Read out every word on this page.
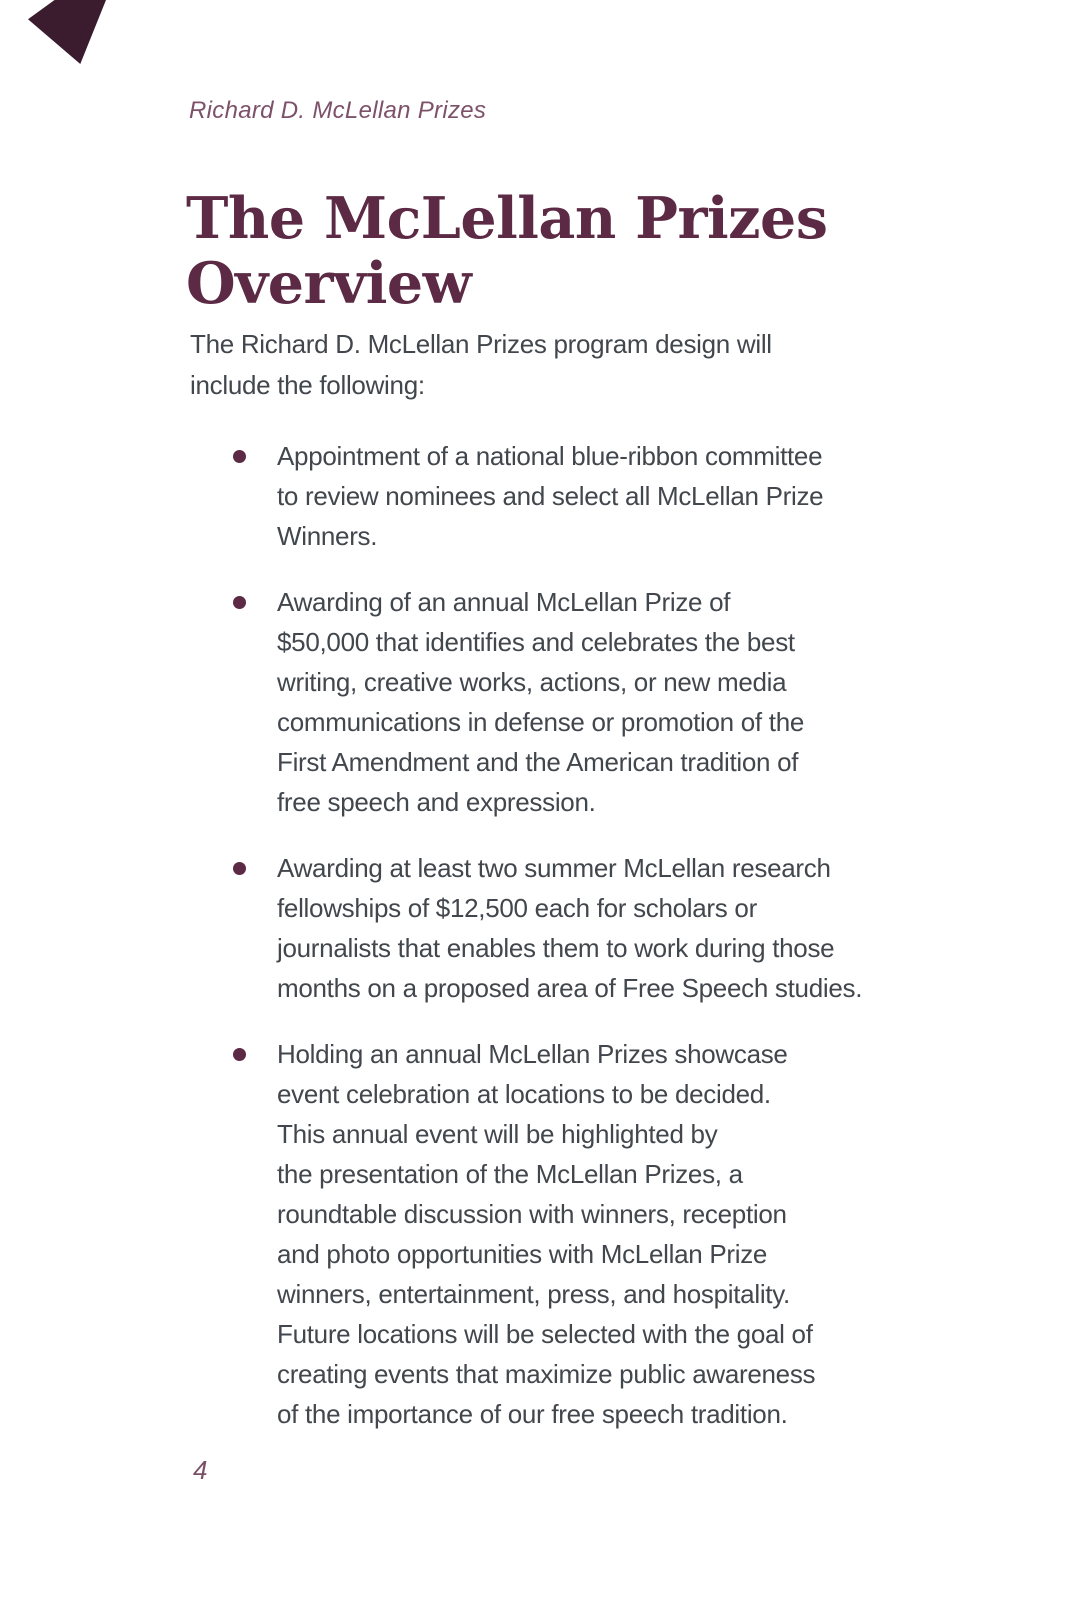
Richard D. McLellan Prizes
The McLellan Prizes
Overview

The Richard D. McLellan Prizes program design will
include the following:

Appointment of a national blue-ribbon committee
to review nominees and select all McLellan Prize
Winners.
Awarding of an annual McLellan Prize of
$50,000 that identifies and celebrates the best
writing, creative works, actions, or new media
communications in defense or promotion of the
First Amendment and the American tradition of
free speech and expression.
Awarding at least two summer McLellan research
fellowships of $12,500 each for scholars or
journalists that enables them to work during those
months on a proposed area of Free Speech studies.
Holding an annual McLellan Prizes showcase
event celebration at locations to be decided.
This annual event will be highlighted by
the presentation of the McLellan Prizes, a
roundtable discussion with winners, reception
and photo opportunities with McLellan Prize
winners, entertainment, press, and hospitality.
Future locations will be selected with the goal of
creating events that maximize public awareness
of the importance of our free speech tradition.
4
